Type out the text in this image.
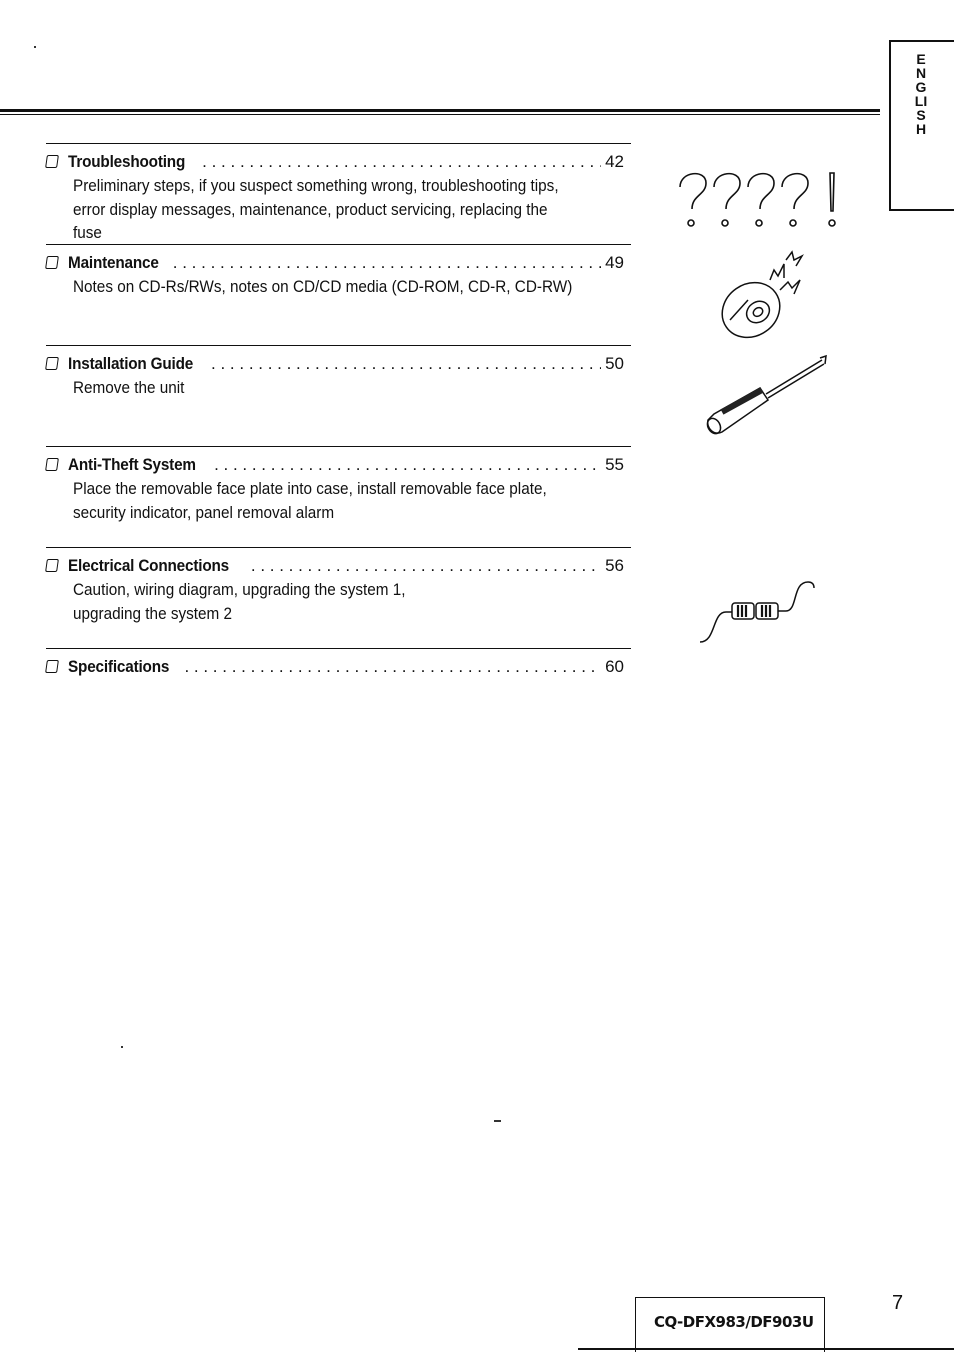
ENGLISH
Troubleshooting . . .	42
Preliminary steps, if you suspect something wrong, troubleshooting tips,
error display messages, maintenance, product servicing, replacing the
fuse
Maintenance . . .	49
Notes on CD-Rs/RWs, notes on CD/CD media (CD-ROM, CD-R, CD-RW)
Installation Guide . . .	50
Remove the unit
Anti-Theft System . . .	55
Place the removable face plate into case, install removable face plate,
security indicator, panel removal alarm
Electrical Connections . . .	56
Caution, wiring diagram, upgrading the system 1,
upgrading the system 2
Specifications . . .	60
CQ-DFX983/DF903U
7
